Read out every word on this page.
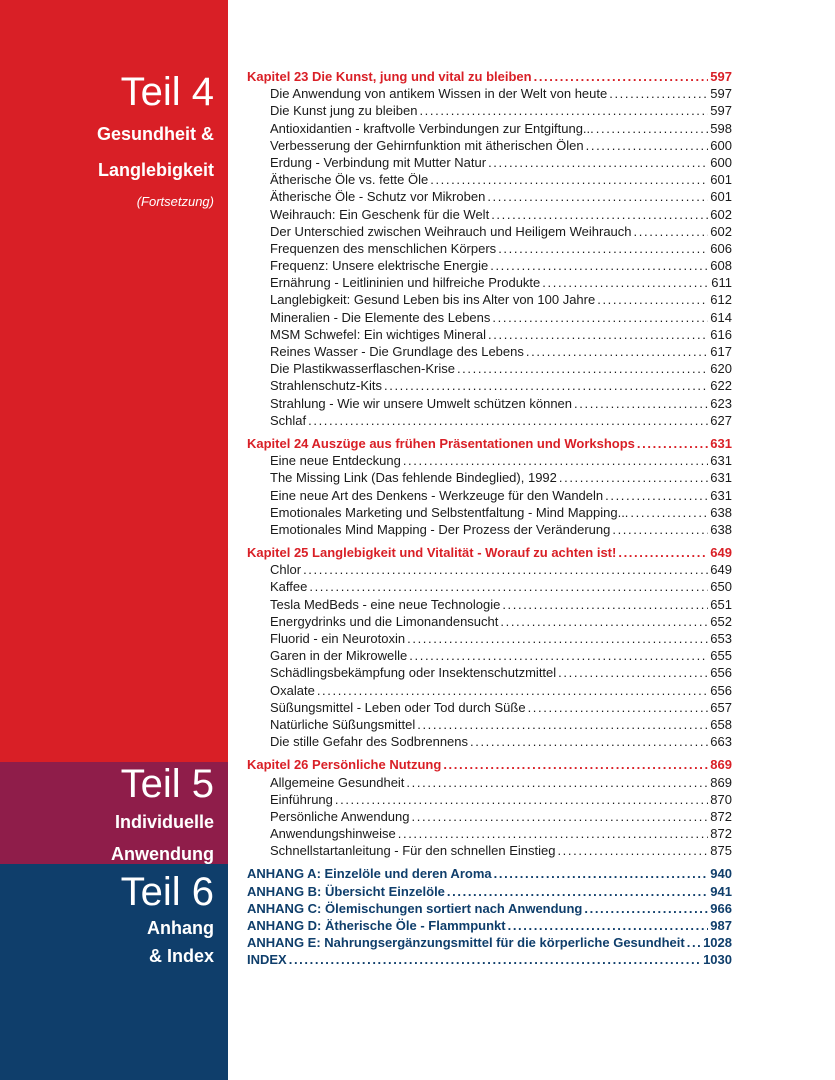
Teil 4
Gesundheit &
Langlebigkeit
(Fortsetzung)
Teil 5
Individuelle
Anwendung
Teil 6
Anhang
& Index
Kapitel 23 Die Kunst, jung und vital zu bleiben . . .	597
Die Anwendung von antikem Wissen in der Welt von heute . . .	597
Die Kunst jung zu bleiben . . .	597
Antioxidantien - kraftvolle Verbindungen zur Entgiftung... . . .	598
Verbesserung der Gehirnfunktion mit ätherischen Ölen . . .	600
Erdung - Verbindung mit Mutter Natur . . .	600
Ätherische Öle vs. fette Öle . . .	601
Ätherische Öle - Schutz vor Mikroben . . .	601
Weihrauch: Ein Geschenk für die Welt . . .	602
Der Unterschied zwischen Weihrauch und Heiligem Weihrauch . . .	602
Frequenzen des menschlichen Körpers . . .	606
Frequenz: Unsere elektrische Energie . . .	608
Ernährung - Leitlininien und hilfreiche Produkte . . .	611
Langlebigkeit: Gesund Leben bis ins Alter von 100 Jahre . . .	612
Mineralien - Die Elemente des Lebens . . .	614
MSM Schwefel: Ein wichtiges Mineral . . .	616
Reines Wasser - Die Grundlage des Lebens . . .	617
Die Plastikwasserflaschen-Krise . . .	620
Strahlenschutz-Kits . . .	622
Strahlung - Wie wir unsere Umwelt schützen können . . .	623
Schlaf . . .	627
Kapitel 24 Auszüge aus frühen Präsentationen und Workshops . . .	631
Eine neue Entdeckung . . .	631
The Missing Link (Das fehlende Bindeglied), 1992 . . .	631
Eine neue Art des Denkens - Werkzeuge für den Wandeln . . .	631
Emotionales Marketing und Selbstentfaltung - Mind Mapping... . . .	638
Emotionales Mind Mapping - Der Prozess der Veränderung . . .	638
Kapitel 25 Langlebigkeit und Vitalität - Worauf zu achten ist! . . .	649
Chlor . . .	649
Kaffee . . .	650
Tesla MedBeds - eine neue Technologie . . .	651
Energydrinks und die Limonandensucht . . .	652
Fluorid - ein Neurotoxin . . .	653
Garen in der Mikrowelle . . .	655
Schädlingsbekämpfung oder Insektenschutzmittel . . .	656
Oxalate . . .	656
Süßungsmittel - Leben oder Tod durch Süße . . .	657
Natürliche Süßungsmittel . . .	658
Die stille Gefahr des Sodbrennens . . .	663
Kapitel 26 Persönliche Nutzung . . .	869
Allgemeine Gesundheit . . .	869
Einführung . . .	870
Persönliche Anwendung . . .	872
Anwendungshinweise . . .	872
Schnellstartanleitung - Für den schnellen Einstieg . . .	875
ANHANG A: Einzelöle und deren Aroma . . .	940
ANHANG B: Übersicht Einzelöle . . .	941
ANHANG C: Ölemischungen sortiert nach Anwendung . . .	966
ANHANG D: Ätherische Öle - Flammpunkt . . .	987
ANHANG E: Nahrungsergänzungsmittel für die körperliche Gesundheit . . . 1028
INDEX . . .	1030
